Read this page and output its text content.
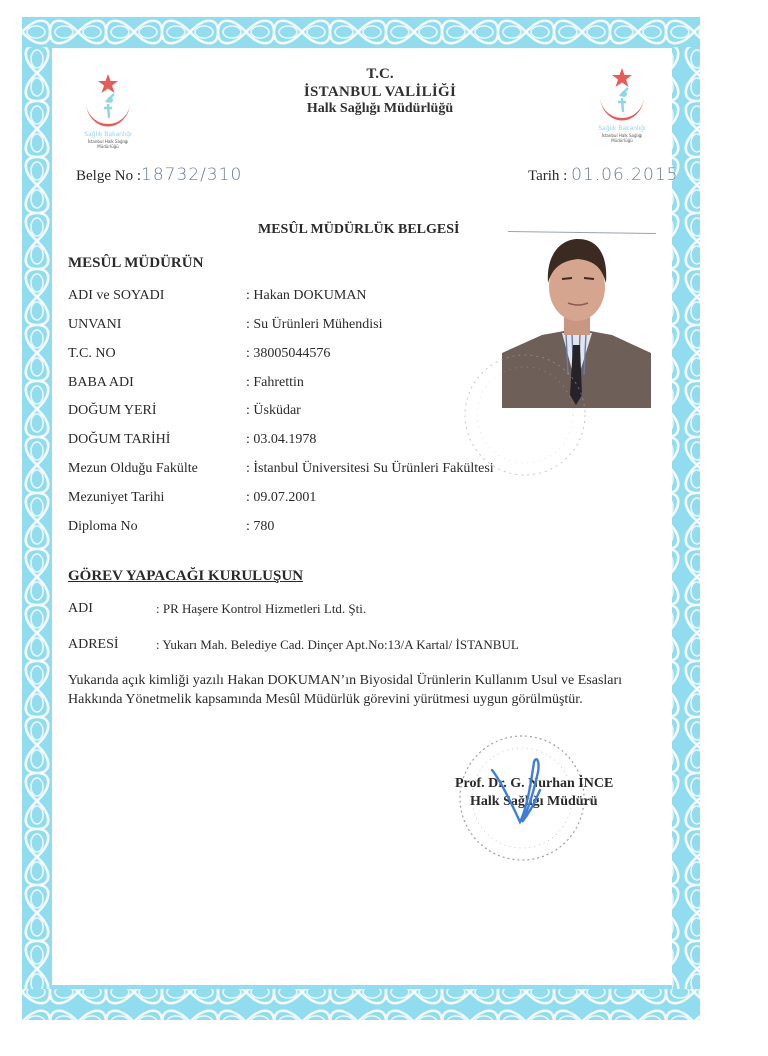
Sağlık Bakanlığı
İstanbul Halk Sağlığı
Müdürlüğü
Sağlık Bakanlığı
İstanbul Halk Sağlığı
Müdürlüğü
T.C.
İSTANBUL VALİLİĞİ
Halk Sağlığı Müdürlüğü
Belge No :18732/310	Tarih : 01.06.2015
MESÛL MÜDÜRLÜK BELGESİ
MESÛL MÜDÜRÜN
ADI ve SOYADI	: Hakan DOKUMAN
UNVANI	: Su Ürünleri Mühendisi
T.C. NO	: 38005044576
BABA ADI	: Fahrettin
DOĞUM YERİ	: Üsküdar
DOĞUM TARİHİ	: 03.04.1978
Mezun Olduğu Fakülte	: İstanbul Üniversitesi Su Ürünleri Fakültesi
Mezuniyet Tarihi	: 09.07.2001
Diploma No	: 780
GÖREV YAPACAĞI KURULUŞUN
ADI	: PR Haşere Kontrol Hizmetleri Ltd. Şti.
ADRESİ	: Yukarı Mah. Belediye Cad. Dinçer Apt.No:13/A Kartal/ İSTANBUL
Yukarıda açık kimliği yazılı Hakan DOKUMAN’ın Biyosidal Ürünlerin Kullanım Usul ve Esasları Hakkında Yönetmelik kapsamında Mesûl Müdürlük görevini yürütmesi uygun görülmüştür.
Prof. Dr. G. Nurhan İNCE
Halk Sağlığı Müdürü
